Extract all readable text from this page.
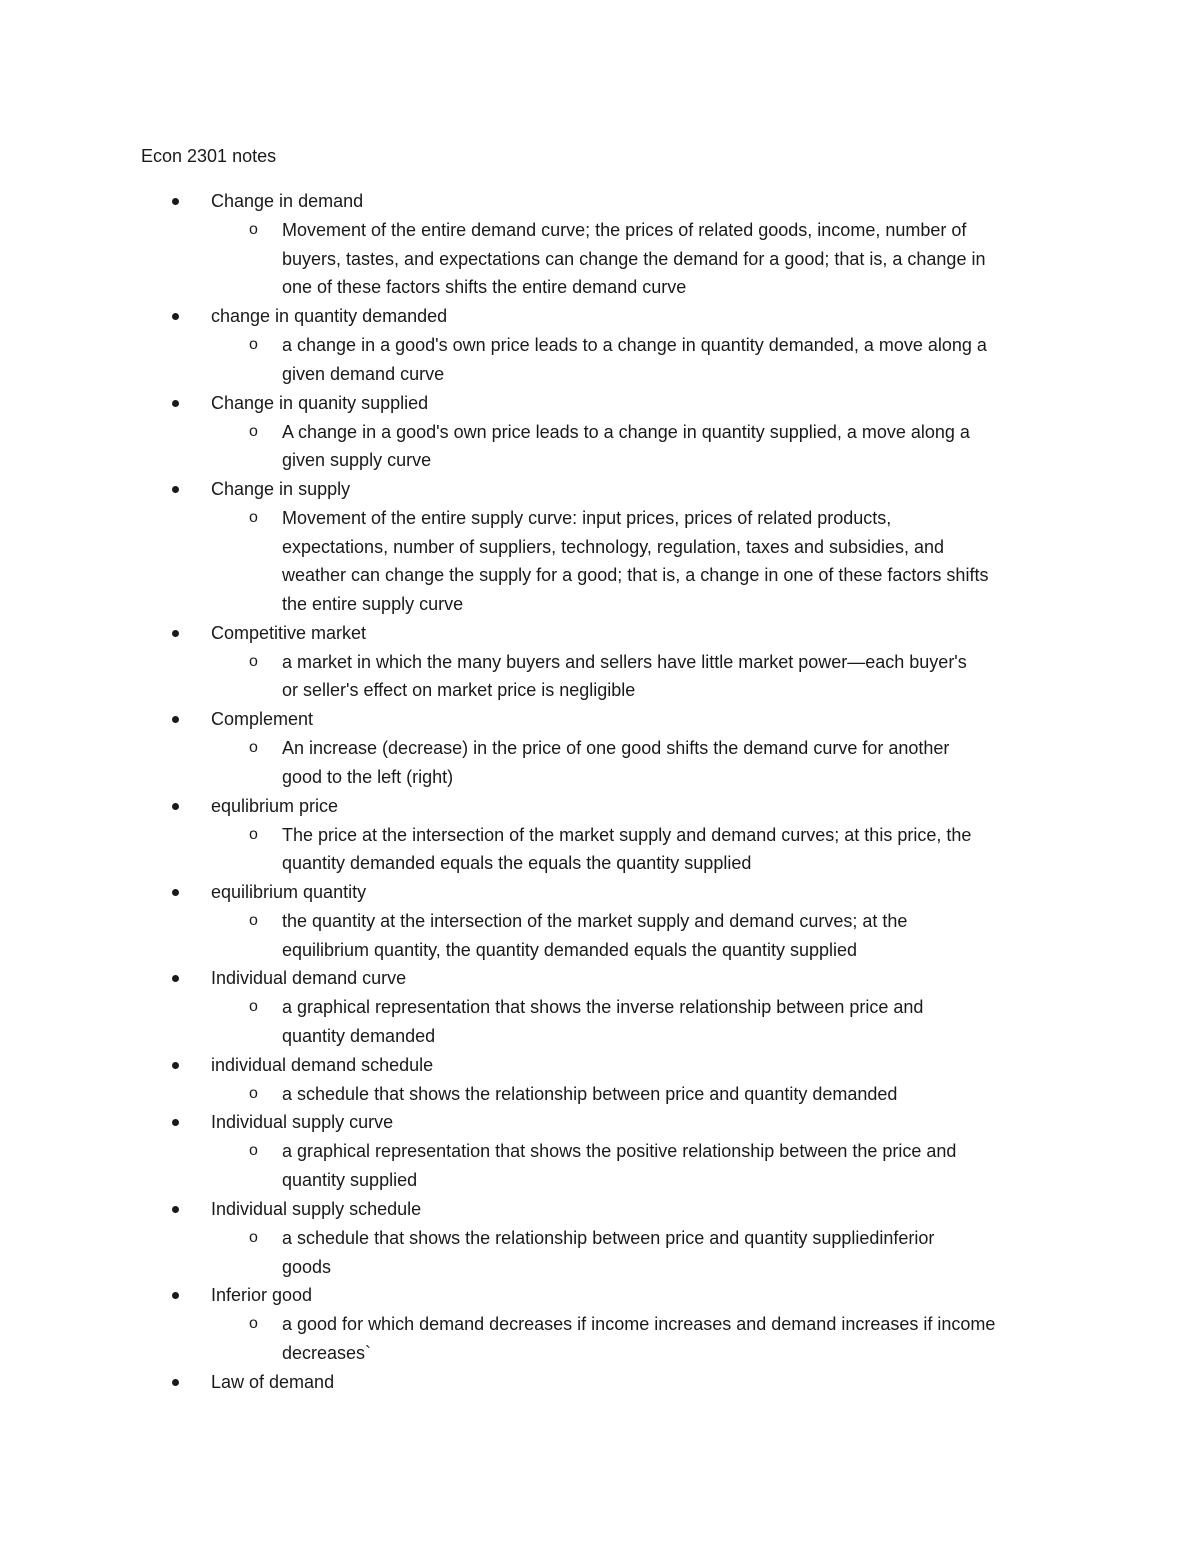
Econ 2301 notes
Change in demand
o Movement of the entire demand curve; the prices of related goods, income, number of
buyers, tastes, and expectations can change the demand for a good; that is, a change in
one of these factors shifts the entire demand curve
change in quantity demanded
o a change in a good's own price leads to a change in quantity demanded, a move along a
given demand curve
Change in quanity supplied
o A change in a good's own price leads to a change in quantity supplied, a move along a
given supply curve
Change in supply
o Movement of the entire supply curve: input prices, prices of related products,
expectations, number of suppliers, technology, regulation, taxes and subsidies, and
weather can change the supply for a good; that is, a change in one of these factors shifts
the entire supply curve
Competitive market
o a market in which the many buyers and sellers have little market power—each buyer's
or seller's effect on market price is negligible
Complement
o An increase (decrease) in the price of one good shifts the demand curve for another
good to the left (right)
equlibrium price
o The price at the intersection of the market supply and demand curves; at this price, the
quantity demanded equals the equals the quantity supplied
equilibrium quantity
o the quantity at the intersection of the market supply and demand curves; at the
equilibrium quantity, the quantity demanded equals the quantity supplied
Individual demand curve
o a graphical representation that shows the inverse relationship between price and
quantity demanded
individual demand schedule
o a schedule that shows the relationship between price and quantity demanded
Individual supply curve
o a graphical representation that shows the positive relationship between the price and
quantity supplied
Individual supply schedule
o a schedule that shows the relationship between price and quantity suppliedinferior
goods
Inferior good
o a good for which demand decreases if income increases and demand increases if income
decreases`
Law of demand
